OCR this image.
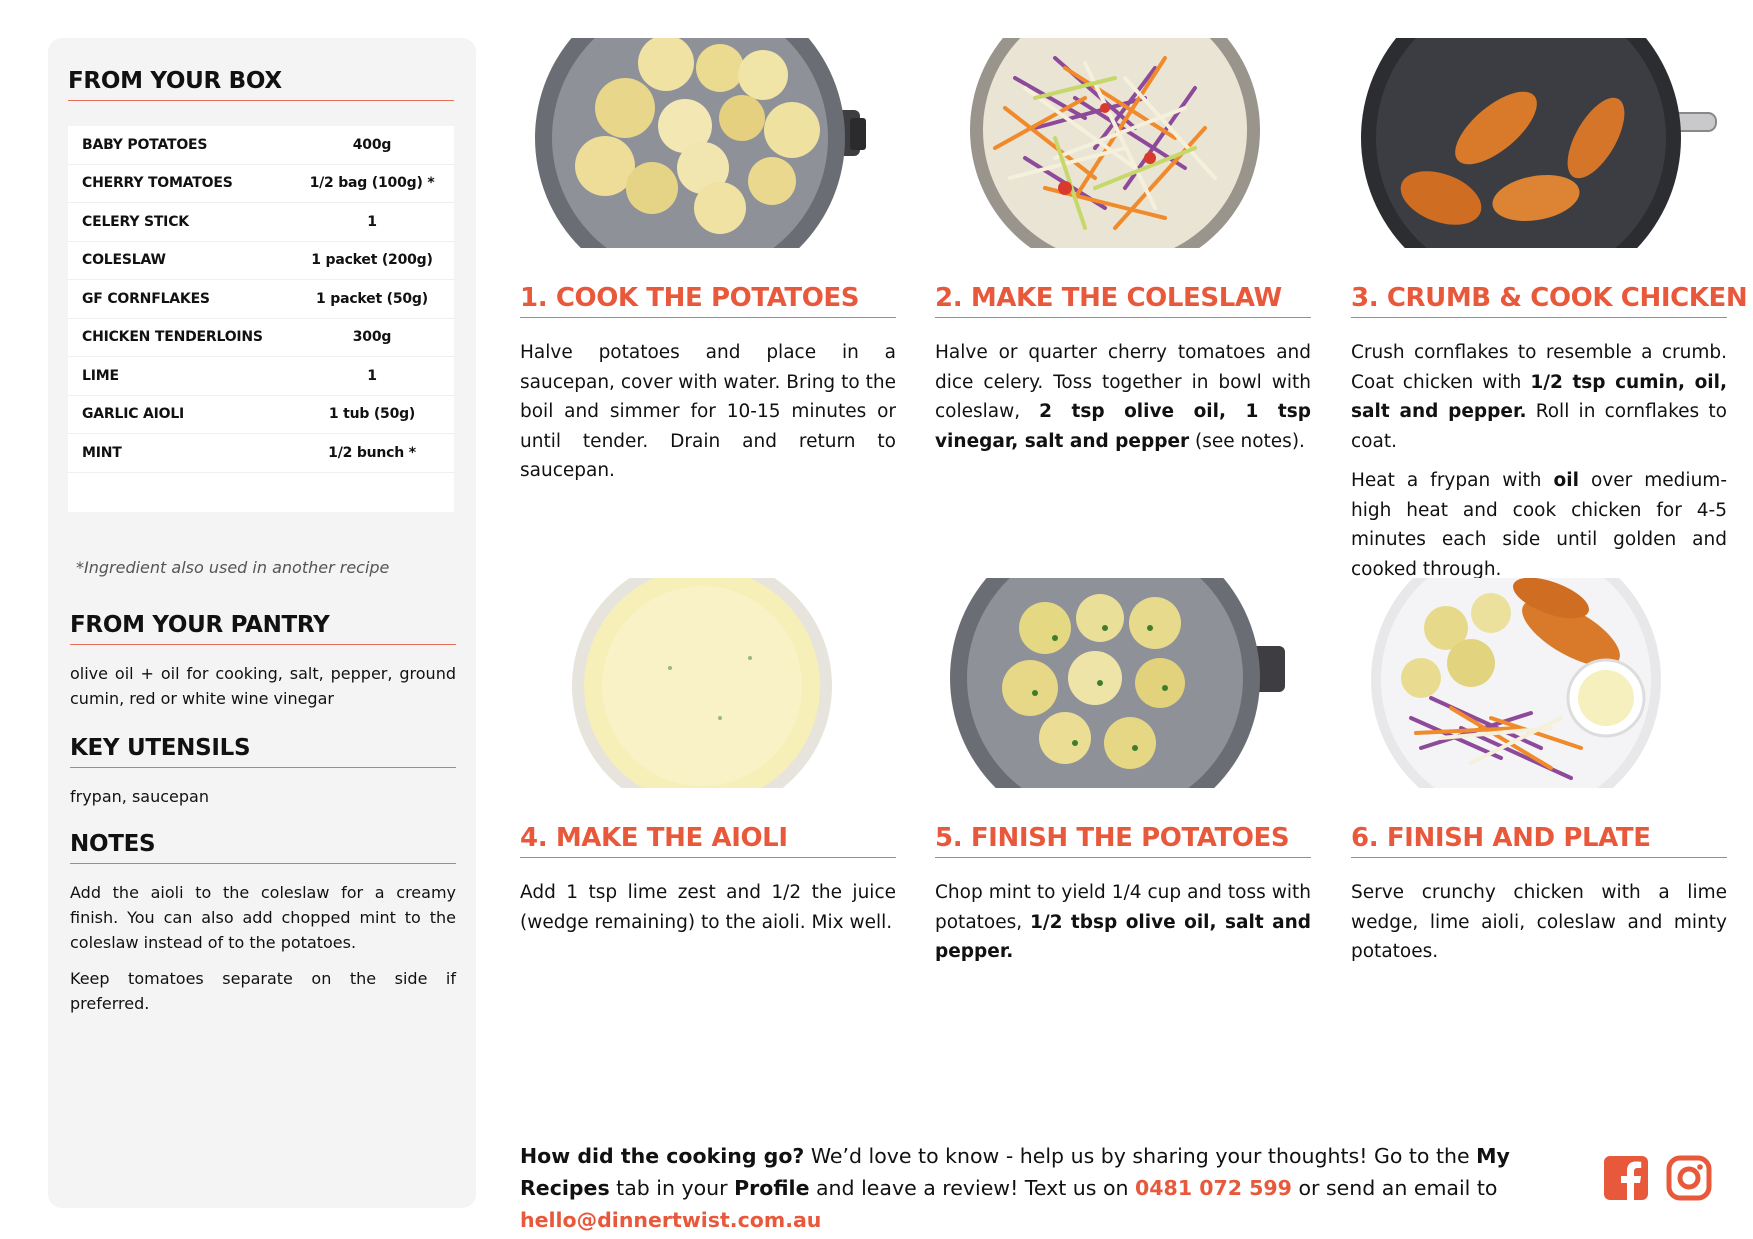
FROM YOUR BOX
BABY POTATOES	400g
CHERRY TOMATOES	1/2 bag (100g) *
CELERY STICK	1
COLESLAW	1 packet (200g)
GF CORNFLAKES	1 packet (50g)
CHICKEN TENDERLOINS	300g
LIME	1
GARLIC AIOLI	1 tub (50g)
MINT	1/2 bunch *
*Ingredient also used in another recipe
FROM YOUR PANTRY
olive oil + oil for cooking, salt, pepper, ground cumin, red or white wine vinegar
KEY UTENSILS
frypan, saucepan
NOTES
Add the aioli to the coleslaw for a creamy finish. You can also add chopped mint to the coleslaw instead of to the potatoes.
Keep tomatoes separate on the side if preferred.
1. COOK THE POTATOES

Halve potatoes and place in a saucepan, cover with water. Bring to the boil and simmer for 10-15 minutes or until tender. Drain and return to saucepan.

2. MAKE THE COLESLAW

Halve or quarter cherry tomatoes and dice celery. Toss together in bowl with coleslaw, 2 tsp olive oil, 1 tsp vinegar, salt and pepper (see notes).

3. CRUMB & COOK CHICKEN

Crush cornflakes to resemble a crumb. Coat chicken with 1/2 tsp cumin, oil, salt and pepper. Roll in cornflakes to coat.

Heat a frypan with oil over medium-high heat and cook chicken for 4-5 minutes each side until golden and cooked through.

4. MAKE THE AIOLI

Add 1 tsp lime zest and 1/2 the juice (wedge remaining) to the aioli. Mix well.

5. FINISH THE POTATOES

Chop mint to yield 1/4 cup and toss with potatoes, 1/2 tbsp olive oil, salt and pepper.

6. FINISH AND PLATE

Serve crunchy chicken with a lime wedge, lime aioli, coleslaw and minty potatoes.

How did the cooking go? We’d love to know - help us by sharing your thoughts! Go to the My Recipes tab in your Profile and leave a review! Text us on 0481 072 599 or send an email to hello@dinnertwist.com.au
